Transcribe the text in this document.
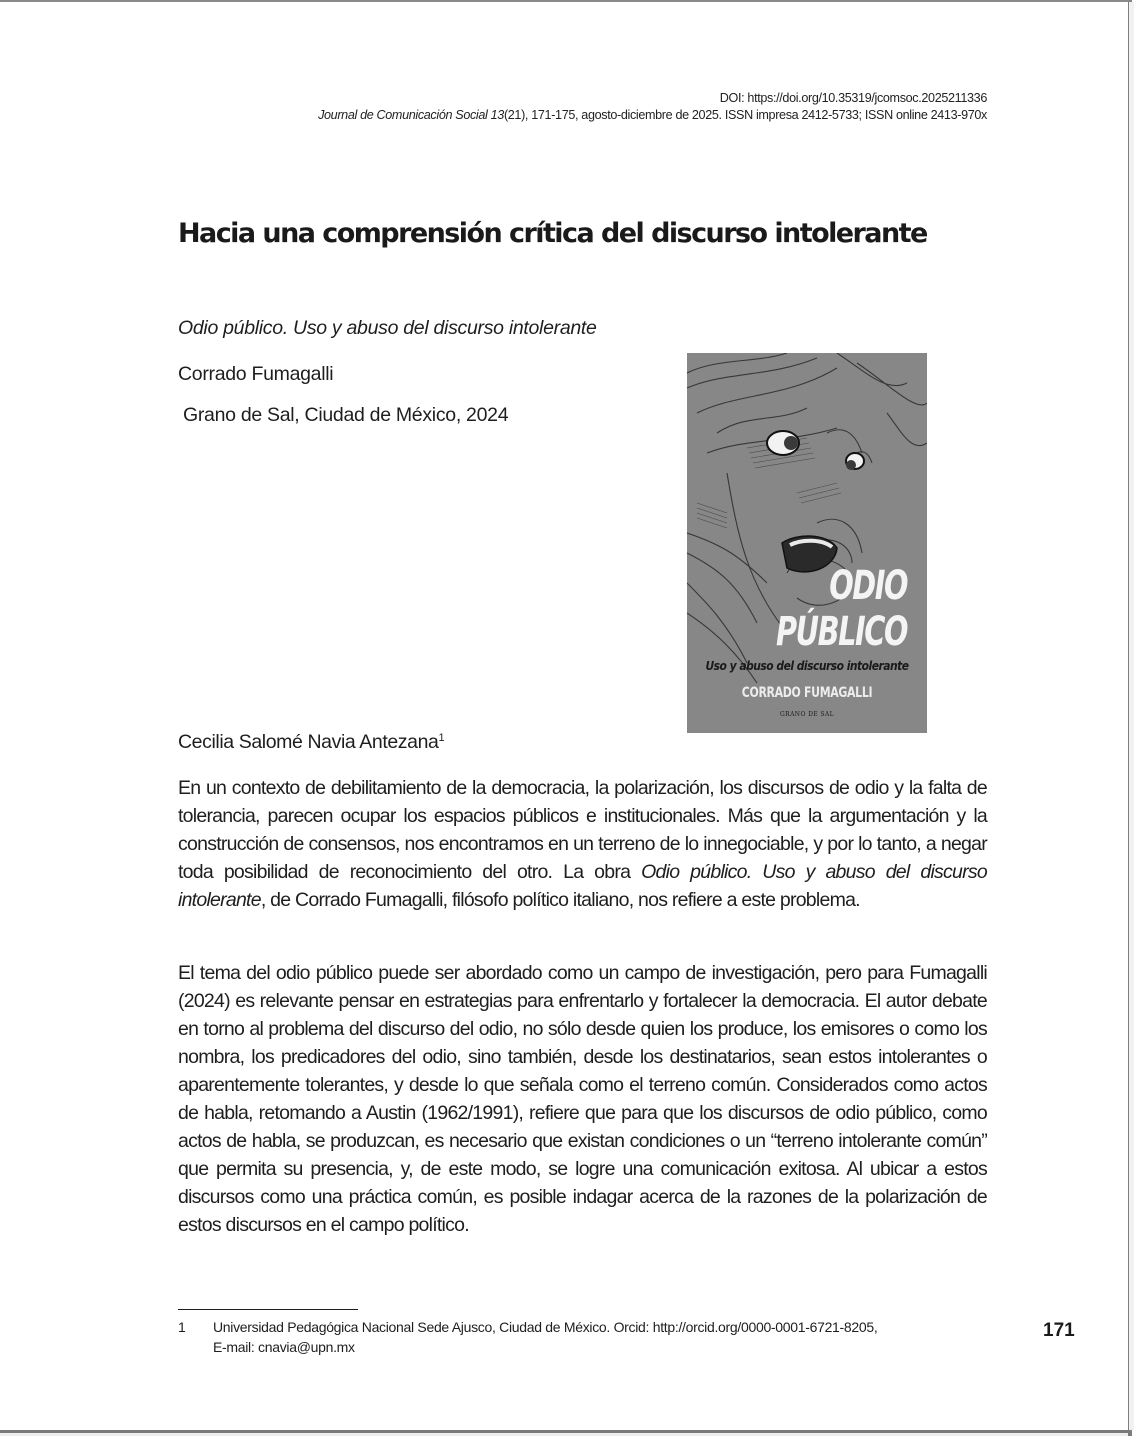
DOI: https://doi.org/10.35319/jcomsoc.2025211336
Journal de Comunicación Social 13(21), 171-175, agosto-diciembre de 2025. ISSN impresa 2412-5733; ISSN online 2413-970x
Hacia una comprensión crítica del discurso intolerante
Odio público. Uso y abuso del discurso intolerante
Corrado Fumagalli
Grano de Sal, Ciudad de México, 2024
ODIO
PÚBLICO
Uso y abuso del discurso intolerante
CORRADO FUMAGALLI
GRANO DE SAL
Cecilia Salomé Navia Antezana$^1$

En un contexto de debilitamiento de la democracia, la polarización, los discursos de odio y la falta de tolerancia, parecen ocupar los espacios públicos e institucionales. Más que la argumentación y la construcción de consensos, nos encontramos en un terreno de lo innegociable, y por lo tanto, a negar toda posibilidad de reconocimiento del otro. La obra Odio público. Uso y abuso del discurso intolerante, de Corrado Fumagalli, filósofo político italiano, nos refiere a este problema.

El tema del odio público puede ser abordado como un campo de investigación, pero para Fumagalli (2024) es relevante pensar en estrategias para enfrentarlo y fortalecer la democracia. El autor debate en torno al problema del discurso del odio, no sólo desde quien los produce, los emisores o como los nombra, los predicadores del odio, sino también, desde los destinatarios, sean estos intolerantes o aparentemente tolerantes, y desde lo que señala como el terreno común. Considerados como actos de habla, retomando a Austin (1962/1991), refiere que para que los discursos de odio público, como actos de habla, se produzcan, es necesario que existan condiciones o un “terreno intolerante común” que permita su presencia, y, de este modo, se logre una comunicación exitosa. Al ubicar a estos discursos como una práctica común, es posible indagar acerca de la razones de la polarización de estos discursos en el campo político.

1 Universidad Pedagógica Nacional Sede Ajusco, Ciudad de México. Orcid: http://orcid.org/0000-0001-6721-8205,
E-mail: cnavia@upn.mx
171
